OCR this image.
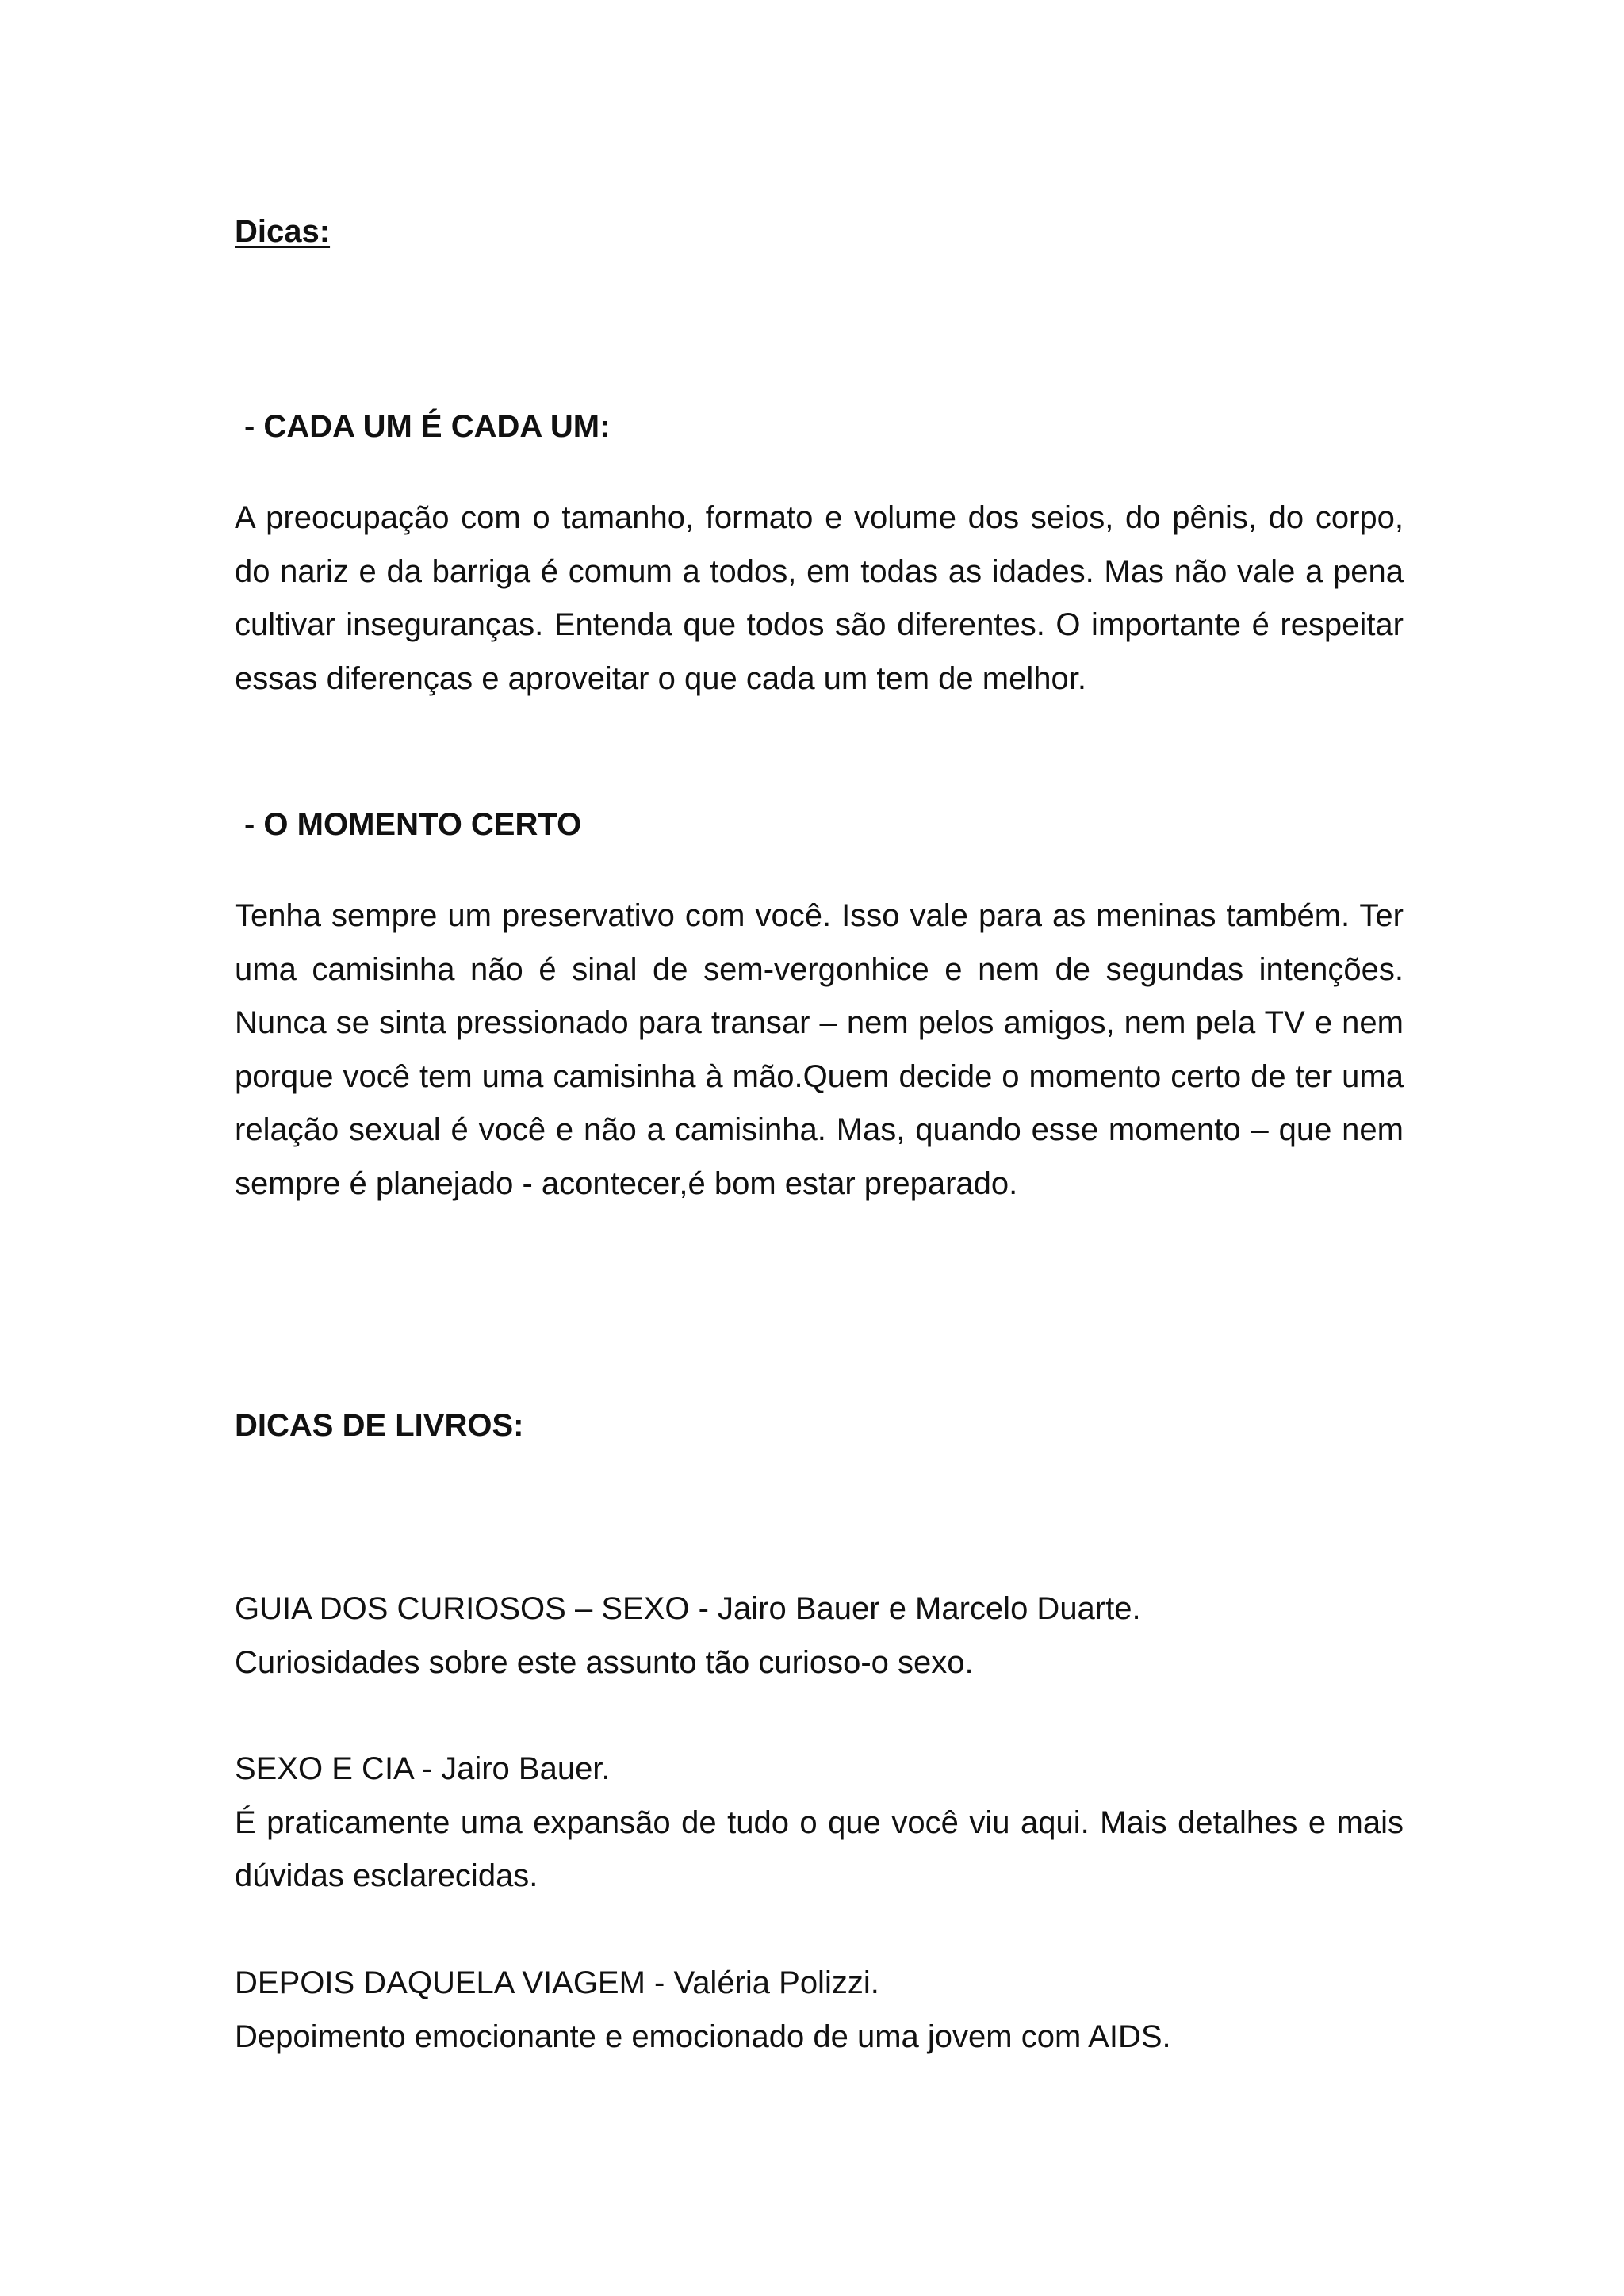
Dicas:
- CADA UM É CADA UM:
A preocupação com o tamanho, formato e volume dos seios, do pênis, do corpo, do nariz e da barriga é comum a todos, em todas as idades. Mas não vale a pena cultivar inseguranças. Entenda que todos são diferentes. O importante é respeitar essas diferenças e aproveitar o que cada um tem de melhor.
- O MOMENTO CERTO
Tenha sempre um preservativo com você. Isso vale para as meninas também. Ter uma camisinha não é sinal de sem-vergonhice e nem de segundas intenções. Nunca se sinta pressionado para transar – nem pelos amigos, nem pela TV e nem porque você tem uma camisinha à mão.Quem decide o momento certo de ter uma relação sexual é você e não a camisinha. Mas, quando esse momento – que nem sempre é planejado - acontecer,é bom estar preparado.
DICAS DE LIVROS:
GUIA DOS CURIOSOS – SEXO - Jairo Bauer e Marcelo Duarte.
Curiosidades sobre este assunto tão curioso-o sexo.
SEXO E CIA - Jairo Bauer.
É praticamente uma expansão de tudo o que você viu aqui. Mais detalhes e mais dúvidas esclarecidas.
DEPOIS DAQUELA VIAGEM - Valéria Polizzi.
Depoimento emocionante e emocionado de uma jovem com AIDS.
